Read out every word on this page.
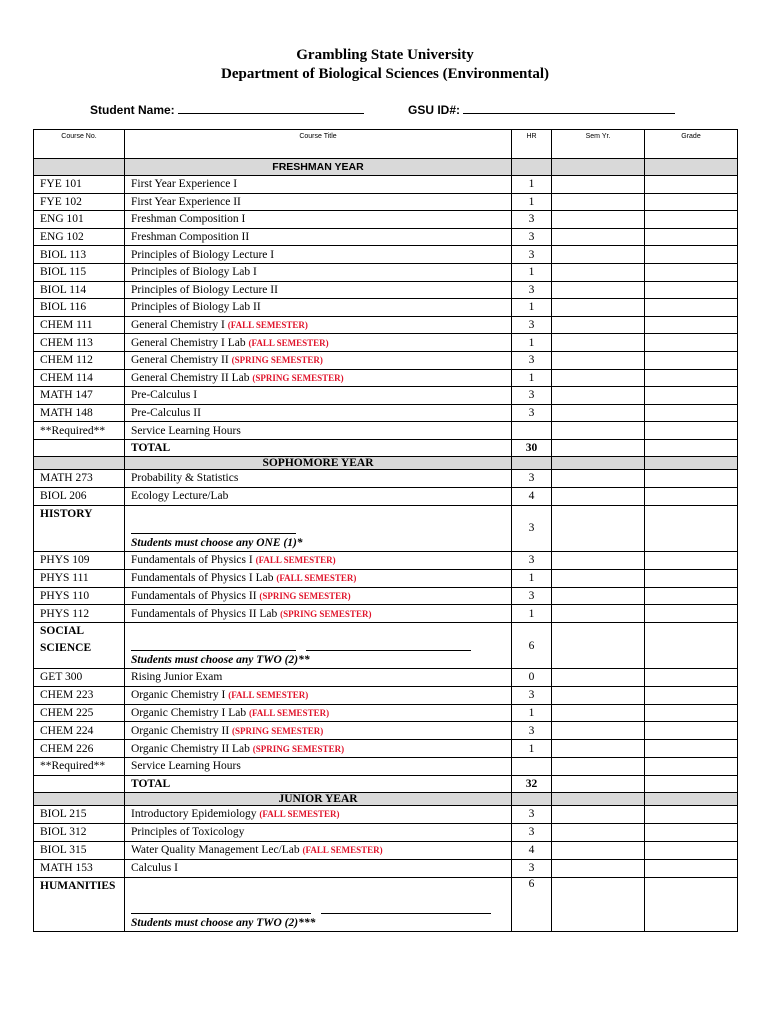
Grambling State University
Department of Biological Sciences (Environmental)
Student Name:	GSU ID#:
Course No.	Course Title	HR	Sem Yr.	Grade
	FRESHMAN YEAR			
FYE 101	First Year Experience I	1		
FYE 102	First Year Experience II	1		
ENG 101	Freshman Composition I	3		
ENG 102	Freshman Composition II	3		
BIOL 113	Principles of Biology Lecture I	3		
BIOL 115	Principles of Biology Lab I	1		
BIOL 114	Principles of Biology Lecture II	3		
BIOL 116	Principles of Biology Lab II	1		
CHEM 111	General Chemistry I (FALL SEMESTER)	3		
CHEM 113	General Chemistry I Lab (FALL SEMESTER)	1		
CHEM 112	General Chemistry II (SPRING SEMESTER)	3		
CHEM 114	General Chemistry II Lab (SPRING SEMESTER)	1		
MATH 147	Pre-Calculus I	3		
MATH 148	Pre-Calculus II	3		
**Required**	Service Learning Hours			
	TOTAL	30		
	SOPHOMORE YEAR			
MATH 273	Probability & Statistics	3		
BIOL 206	Ecology Lecture/Lab	4		
HISTORY	Students must choose any ONE (1)*	3		
PHYS 109	Fundamentals of Physics I (FALL SEMESTER)	3		
PHYS 111	Fundamentals of Physics I Lab (FALL SEMESTER)	1		
PHYS 110	Fundamentals of Physics II (SPRING SEMESTER)	3		
PHYS 112	Fundamentals of Physics II Lab (SPRING SEMESTER)	1		
SOCIAL
SCIENCE	Students must choose any TWO (2)**	6		
GET 300	Rising Junior Exam	0		
CHEM 223	Organic Chemistry I (FALL SEMESTER)	3		
CHEM 225	Organic Chemistry I Lab (FALL SEMESTER)	1		
CHEM 224	Organic Chemistry II (SPRING SEMESTER)	3		
CHEM 226	Organic Chemistry II Lab (SPRING SEMESTER)	1		
**Required**	Service Learning Hours			
	TOTAL	32		
	JUNIOR YEAR			
BIOL 215	Introductory Epidemiology (FALL SEMESTER)	3		
BIOL 312	Principles of Toxicology	3		
BIOL 315	Water Quality Management Lec/Lab (FALL SEMESTER)	4		
MATH 153	Calculus I	3		
HUMANITIES	Students must choose any TWO (2)***	6		
